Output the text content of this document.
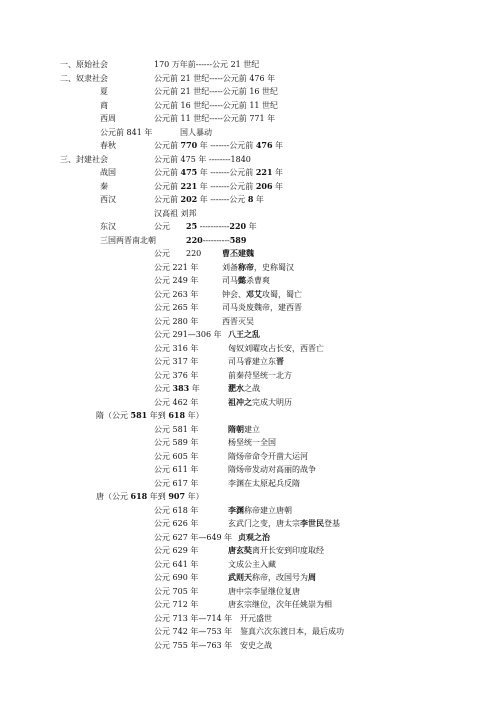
一、原始社会	170 万年前------公元 21 世纪
二、奴隶社会	公元前 21 世纪-----公元前 476 年
夏	公元前 21 世纪-----公元前 16 世纪
商	公元前 16 世纪-----公元前 11 世纪
西周	公元前 11 世纪-----公元前 771 年
公元前 841 年	国人暴动
春秋	公元前 770 年 -------公元前 476 年
三、封建社会	公元前 475 年 --------1840
战国	公元前 475 年 -------公元前 221 年
秦	公元前 221 年 -------公元前 206 年
西汉	公元前 202 年 -------公元 8 年
汉高祖 刘邦
东汉	公元 25 -----------220 年
三国两晋南北朝	220----------589
公元 220	曹丕建魏
公元 221 年	刘备称帝，史称蜀汉
公元 249 年	司马懿杀曹爽
公元 263 年	钟会、邓艾攻蜀，蜀亡
公元 265 年	司马炎废魏帝，建西晋
公元 280 年	西晋灭吴
公元 291—306 年 八王之乱
公元 316 年	匈奴刘曜攻占长安，西晋亡
公元 317 年	司马睿建立东晋
公元 376 年	前秦苻坚统一北方
公元 383 年	淝水之战
公元 462 年	祖冲之完成大明历
隋（公元 581 年到 618 年）
公元 581 年	隋朝建立
公元 589 年	杨坚统一全国
公元 605 年	隋炀帝命令开凿大运河
公元 611 年	隋炀帝发动对高丽的战争
公元 617 年	李渊在太原起兵反隋
唐（公元 618 年到 907 年）
公元 618 年	李渊称帝建立唐朝
公元 626 年	玄武门之变，唐太宗李世民登基
公元 627 年—649 年 贞观之治
公元 629 年	唐玄奘离开长安到印度取经
公元 641 年	文成公主入藏
公元 690 年	武则天称帝，改国号为周
公元 705 年	唐中宗李显继位复唐
公元 712 年	唐玄宗继位，次年任姚崇为相
公元 713 年—714 年 开元盛世
公元 742 年—753 年 鉴真六次东渡日本，最后成功
公元 755 年—763 年 安史之战
